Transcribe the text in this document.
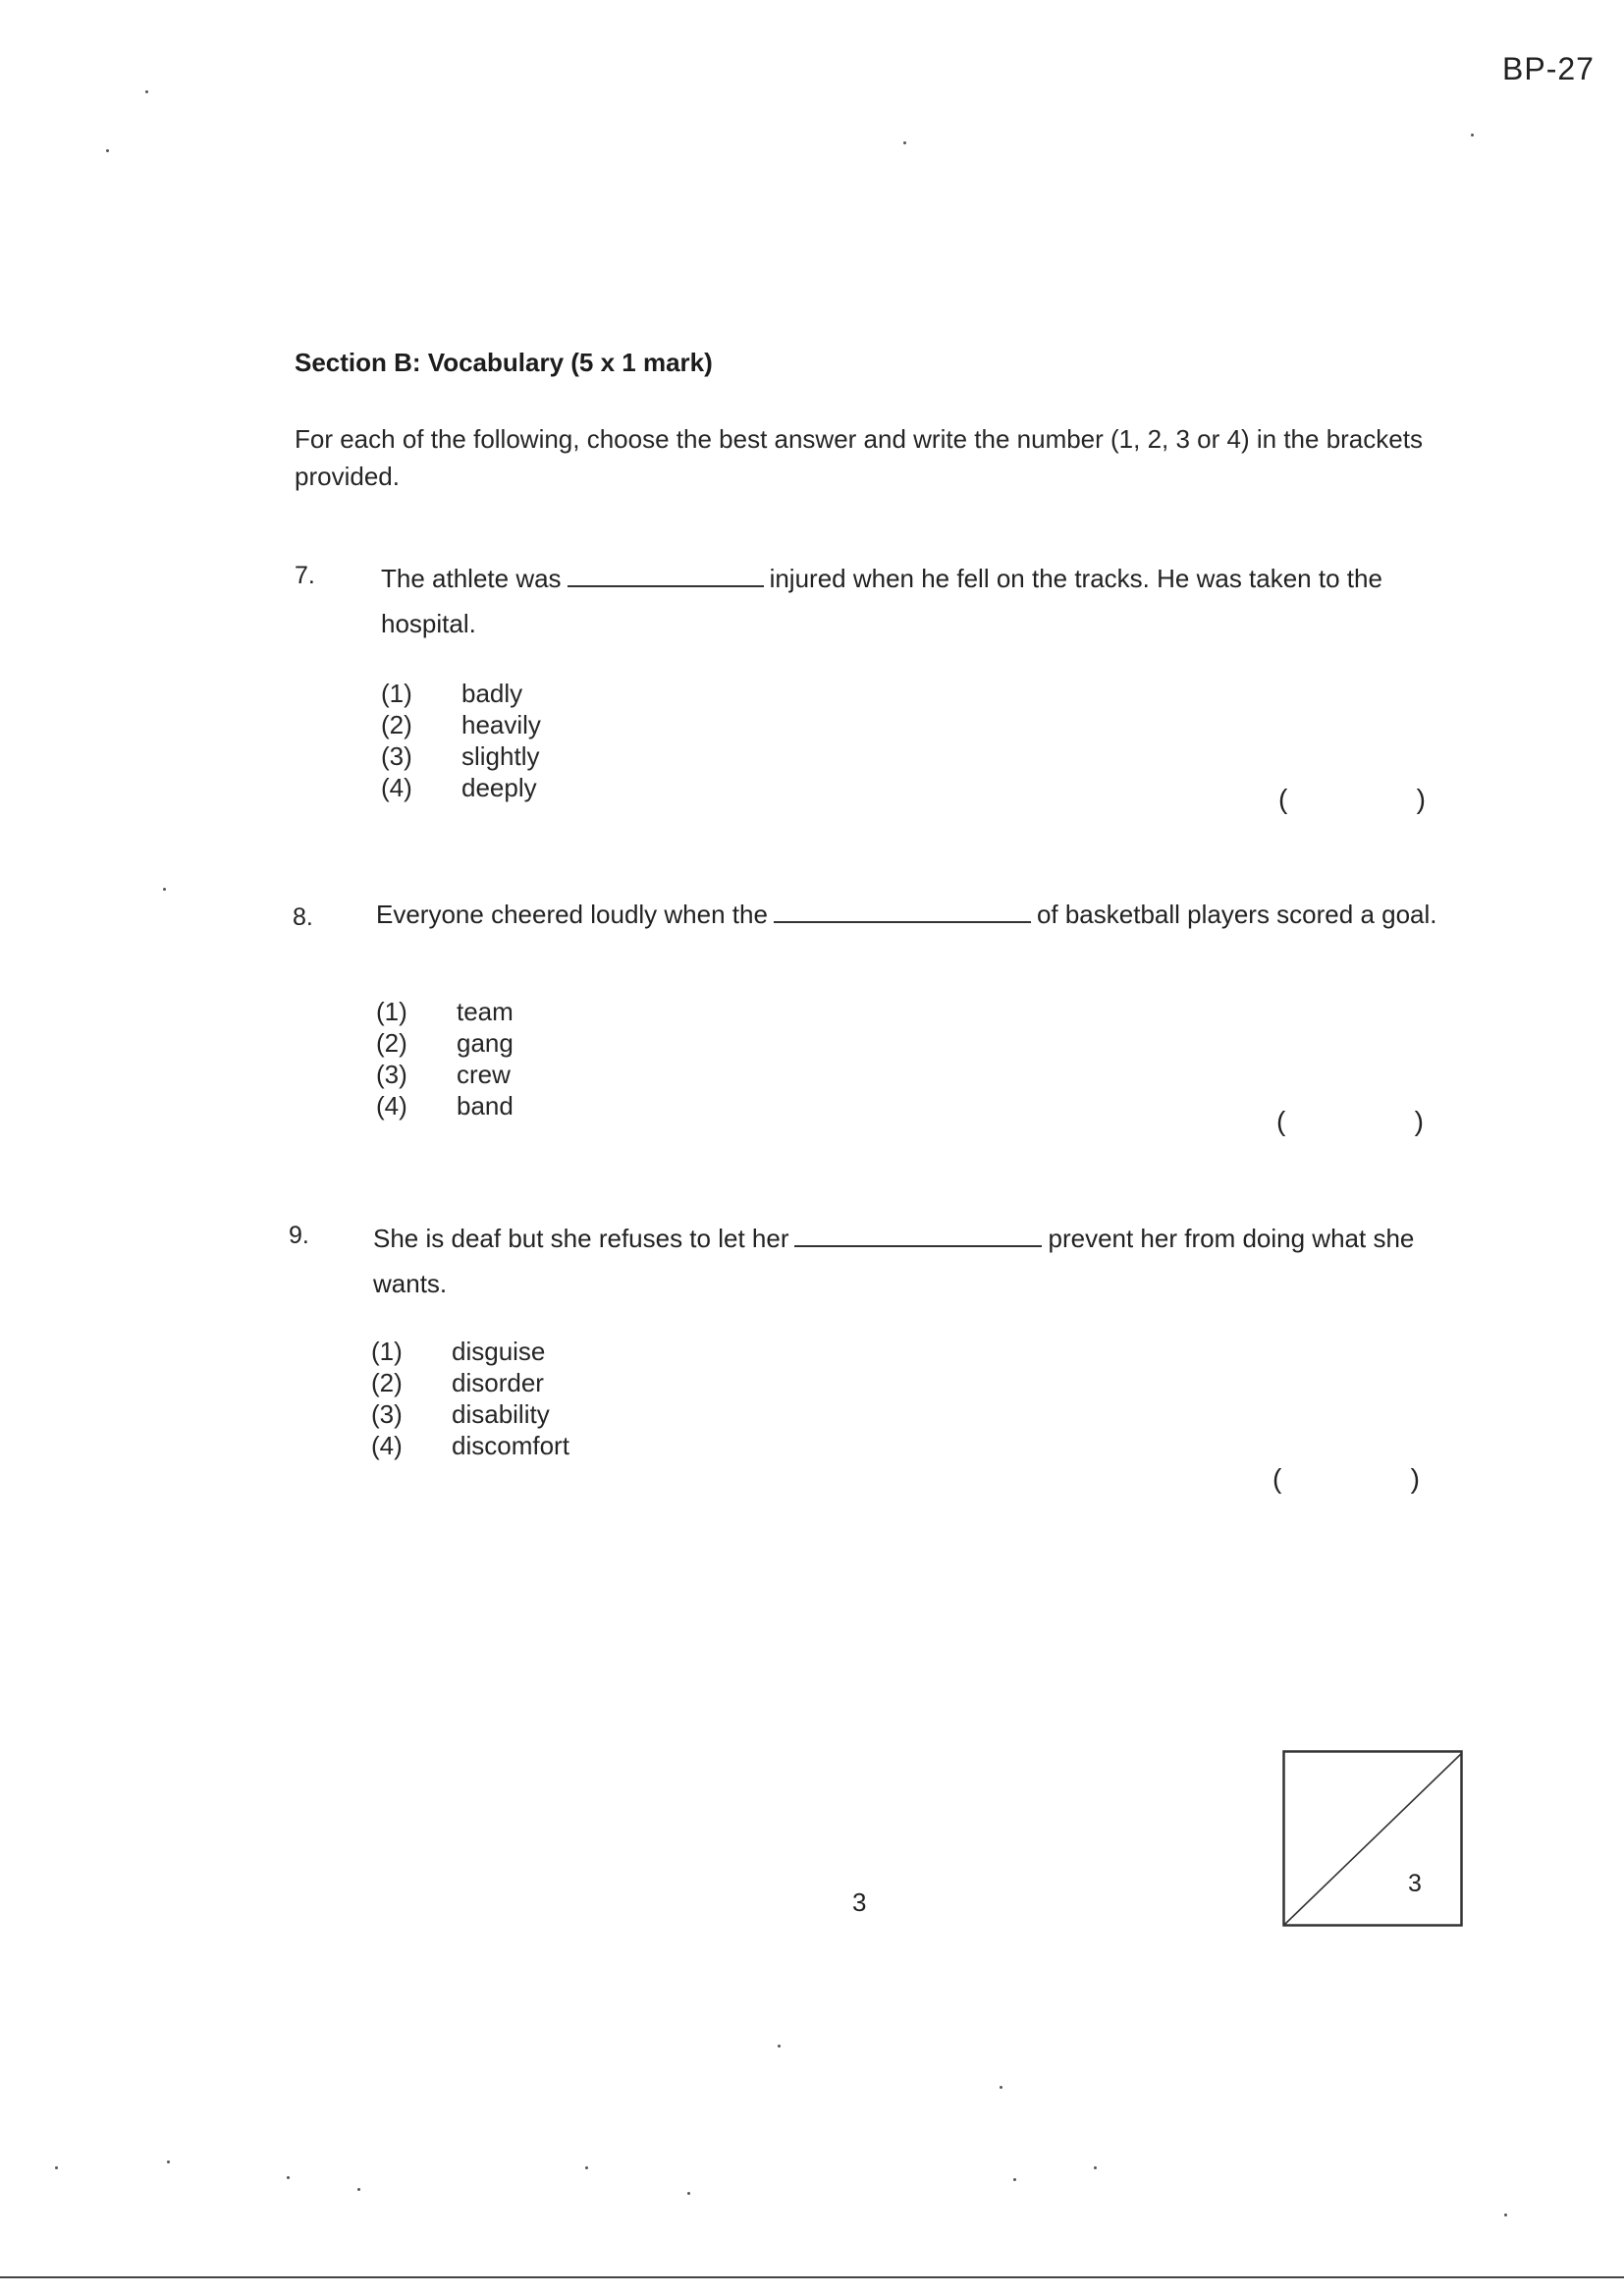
BP-27
Section B: Vocabulary (5 x 1 mark)
For each of the following, choose the best answer and write the number (1, 2, 3 or 4) in the brackets provided.
7.	The athlete was	injured when he fell on the tracks. He was taken to the hospital.
(1)	badly
(2)	heavily
(3)	slightly
(4)	deeply	(	)
8. Everyone cheered loudly when the	of basketball players scored a goal.
(1)	team
(2)	gang
(3)	crew
(4)	band	(	)
9.	She is deaf but she refuses to let her	prevent her from doing what she wants.
(1)	disguise
(2)	disorder
(3)	disability
(4)	discomfort
(	)
3
3
